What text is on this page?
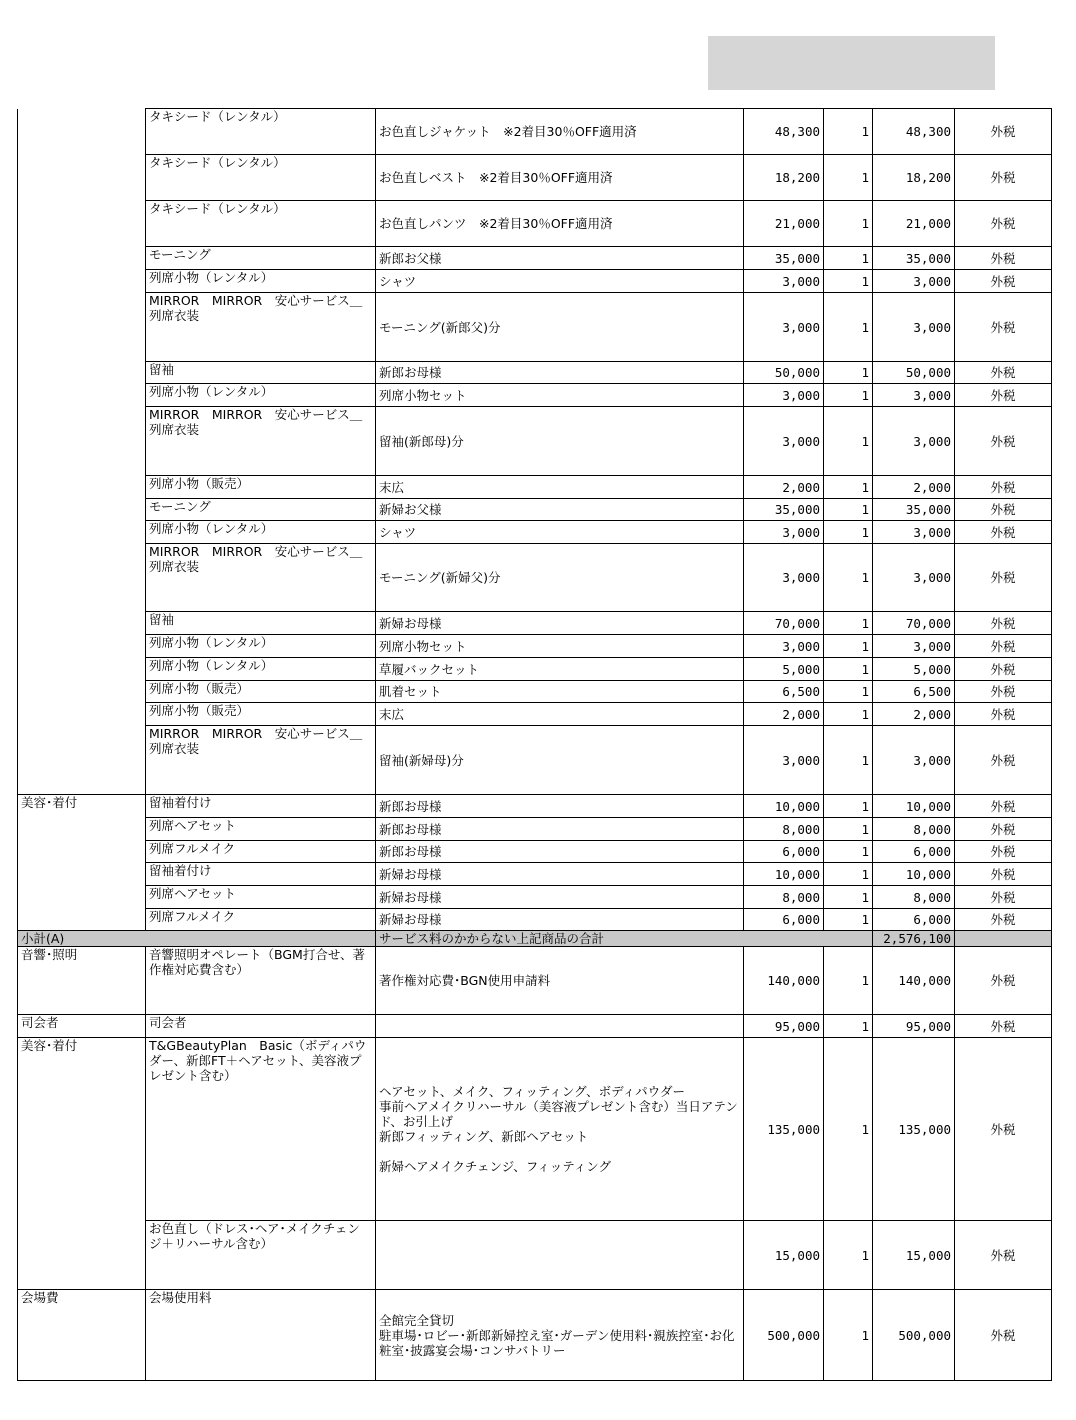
	タキシード（レンタル）	お色直しジャケット　※2着目30％OFF適用済	48,300	1	48,300	外税
	タキシード（レンタル）	お色直しベスト　※2着目30％OFF適用済	18,200	1	18,200	外税
	タキシード（レンタル）	お色直しパンツ　※2着目30％OFF適用済	21,000	1	21,000	外税
	モーニング	新郎お父様	35,000	1	35,000	外税
	列席小物（レンタル）	シャツ	3,000	1	3,000	外税
	MIRROR　MIRROR　安心サービス＿列席衣装	モーニング(新郎父)分	3,000	1	3,000	外税
	留袖	新郎お母様	50,000	1	50,000	外税
	列席小物（レンタル）	列席小物セット	3,000	1	3,000	外税
	MIRROR　MIRROR　安心サービス＿列席衣装	留袖(新郎母)分	3,000	1	3,000	外税
	列席小物（販売）	末広	2,000	1	2,000	外税
	モーニング	新婦お父様	35,000	1	35,000	外税
	列席小物（レンタル）	シャツ	3,000	1	3,000	外税
	MIRROR　MIRROR　安心サービス＿列席衣装	モーニング(新婦父)分	3,000	1	3,000	外税
	留袖	新婦お母様	70,000	1	70,000	外税
	列席小物（レンタル）	列席小物セット	3,000	1	3,000	外税
	列席小物（レンタル）	草履バックセット	5,000	1	5,000	外税
	列席小物（販売）	肌着セット	6,500	1	6,500	外税
	列席小物（販売）	末広	2,000	1	2,000	外税
	MIRROR　MIRROR　安心サービス＿列席衣装	留袖(新婦母)分	3,000	1	3,000	外税
美容･着付	留袖着付け	新郎お母様	10,000	1	10,000	外税
	列席ヘアセット	新郎お母様	8,000	1	8,000	外税
	列席フルメイク	新郎お母様	6,000	1	6,000	外税
	留袖着付け	新婦お母様	10,000	1	10,000	外税
	列席ヘアセット	新婦お母様	8,000	1	8,000	外税
	列席フルメイク	新婦お母様	6,000	1	6,000	外税
小計(A)		サービス料のかからない上記商品の合計			2,576,100	
音響･照明	音響照明オペレート（BGM打合せ、著作権対応費含む）	著作権対応費･BGN使用申請料	140,000	1	140,000	外税
司会者	司会者		95,000	1	95,000	外税
美容･着付	T&GBeautyPlan　Basic（ボディパウダー、新郎FT＋ヘアセット、美容液プレゼント含む）	ヘアセット、メイク、フィッティング、ボディパウダー
事前ヘアメイクリハーサル（美容液プレゼント含む）当日アテンド、お引上げ
新郎フィッティング、新郎ヘアセット

新婦ヘアメイクチェンジ、フィッティング	135,000	1	135,000	外税
	お色直し（ドレス･ヘア･メイクチェンジ＋リハーサル含む）		15,000	1	15,000	外税
会場費	会場使用料	全館完全貸切
駐車場･ロビー･新郎新婦控え室･ガーデン使用料･親族控室･お化粧室･披露宴会場･コンサバトリー	500,000	1	500,000	外税
